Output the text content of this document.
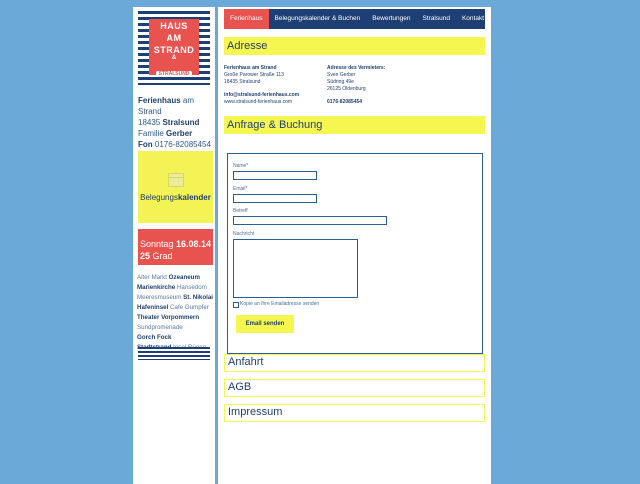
HAUS
AM
STRAND
&
STRALSUND
Ferienhaus am Strand
18435 Stralsund
Familie Gerber
Fon 0176-82085454
Belegungskalender
Sonntag 16.08.14
25 Grad
Alter Markt Ozeaneum
Marienkirche Hansedom
Meeresmuseum St. Nikolai
Hafeninsel Cafe Gumpfer
Theater Vorpommern
Sundpromenade Gorch Fock
Ferienhaus	Belegungskalender & Buchen	Bewertungen	Stralsund	Kontakt
Adresse
Ferienhaus am Strand
Große Parower Straße 113
18435 Stralsund
info@stralsund-ferienhaus.com
www.stralsund-ferienhaus.com
Adresse des Vermieters:
Sven Gerber
Südring 49e
26125 Oldenburg
0176-82085454
Anfrage & Buchung
Name*
Email*
Betreff
Nachricht
Kopie an Ihre Emailadresse senden
Email senden
Anfahrt
AGB
Impressum
